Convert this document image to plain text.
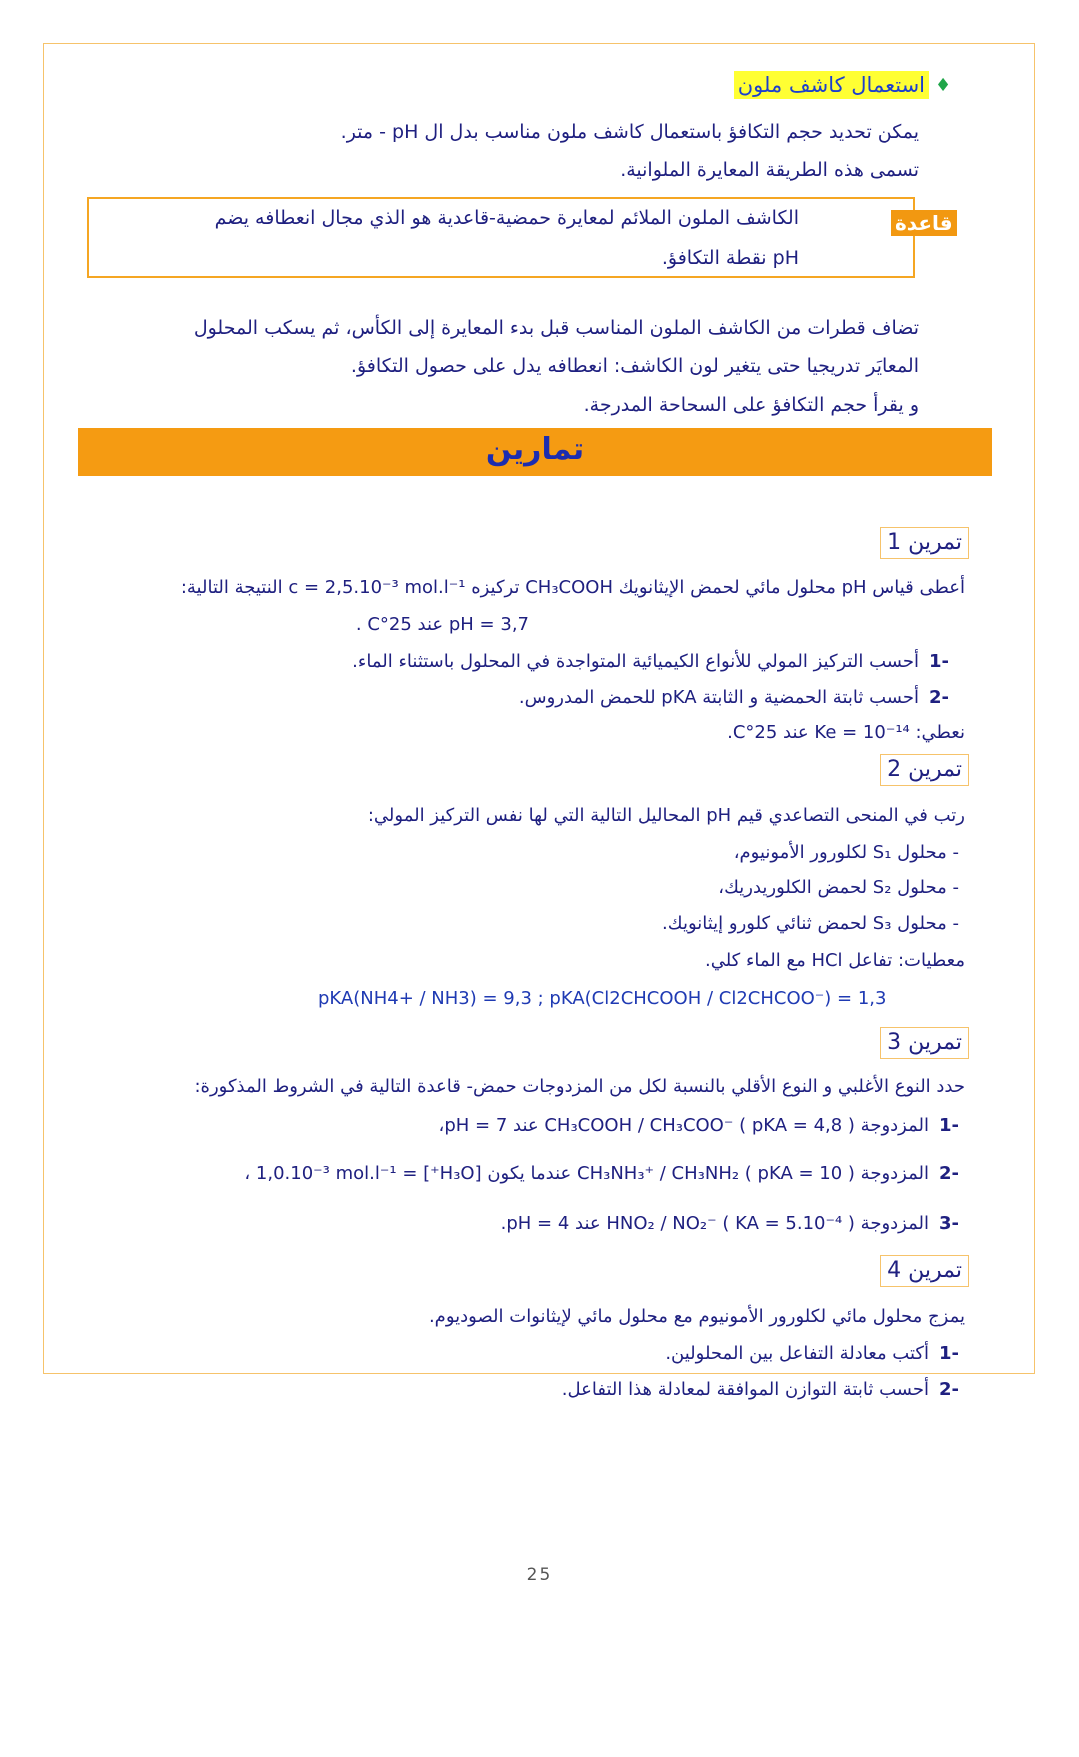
♦
استعمال كاشف ملون
يمكن تحديد حجم التكافؤ باستعمال كاشف ملون مناسب بدل ال pH - متر.
تسمى هذه الطريقة المعايرة الملوانية.
قاعدة
الكاشف الملون الملائم لمعايرة حمضية-قاعدية هو الذي مجال انعطافه يضم
pH نقطة التكافؤ.
تضاف قطرات من الكاشف الملون المناسب قبل بدء المعايرة إلى الكأس، ثم يسكب المحلول
المعايَر تدريجيا حتى يتغير لون الكاشف: انعطافه يدل على حصول التكافؤ.
و يقرأ حجم التكافؤ على السحاحة المدرجة.
تمارين
تمرين 1
أعطى قياس pH محلول مائي لحمض الإيثانويك CH₃COOH تركيزه c = 2,5.10⁻³ mol.l⁻¹ النتيجة التالية:
pH = 3,7 عند 25°C .
-1أحسب التركيز المولي للأنواع الكيميائية المتواجدة في المحلول باستثناء الماء.
-2أحسب ثابتة الحمضية و الثابتة pKA للحمض المدروس.
نعطي: Ke = 10⁻¹⁴ عند 25°C.
تمرين 2
رتب في المنحى التصاعدي قيم pH المحاليل التالية التي لها نفس التركيز المولي:
- محلول S₁ لكلورور الأمونيوم،
- محلول S₂ لحمض الكلوريدريك،
- محلول S₃ لحمض ثنائي كلورو إيثانويك.
معطيات: تفاعل HCl مع الماء كلي.
pKA(NH4+ / NH3) = 9,3 ; pKA(Cl2CHCOOH / Cl2CHCOO⁻) = 1,3
تمرين 3
حدد النوع الأغلبي و النوع الأقلي بالنسبة لكل من المزدوجات حمض- قاعدة التالية في الشروط المذكورة:
-1المزدوجة CH₃COOH / CH₃COO⁻ ( pKA = 4,8 ) عند pH = 7،
-2المزدوجة CH₃NH₃⁺ / CH₃NH₂ ( pKA = 10 ) عندما يكون [H₃O⁺] = 1,0.10⁻³ mol.l⁻¹ ،
-3المزدوجة HNO₂ / NO₂⁻ ( KA = 5.10⁻⁴ ) عند pH = 4.
تمرين 4
يمزج محلول مائي لكلورور الأمونيوم مع محلول مائي لإيثانوات الصوديوم.
-1أكتب معادلة التفاعل بين المحلولين.
-2أحسب ثابتة التوازن الموافقة لمعادلة هذا التفاعل.
25
